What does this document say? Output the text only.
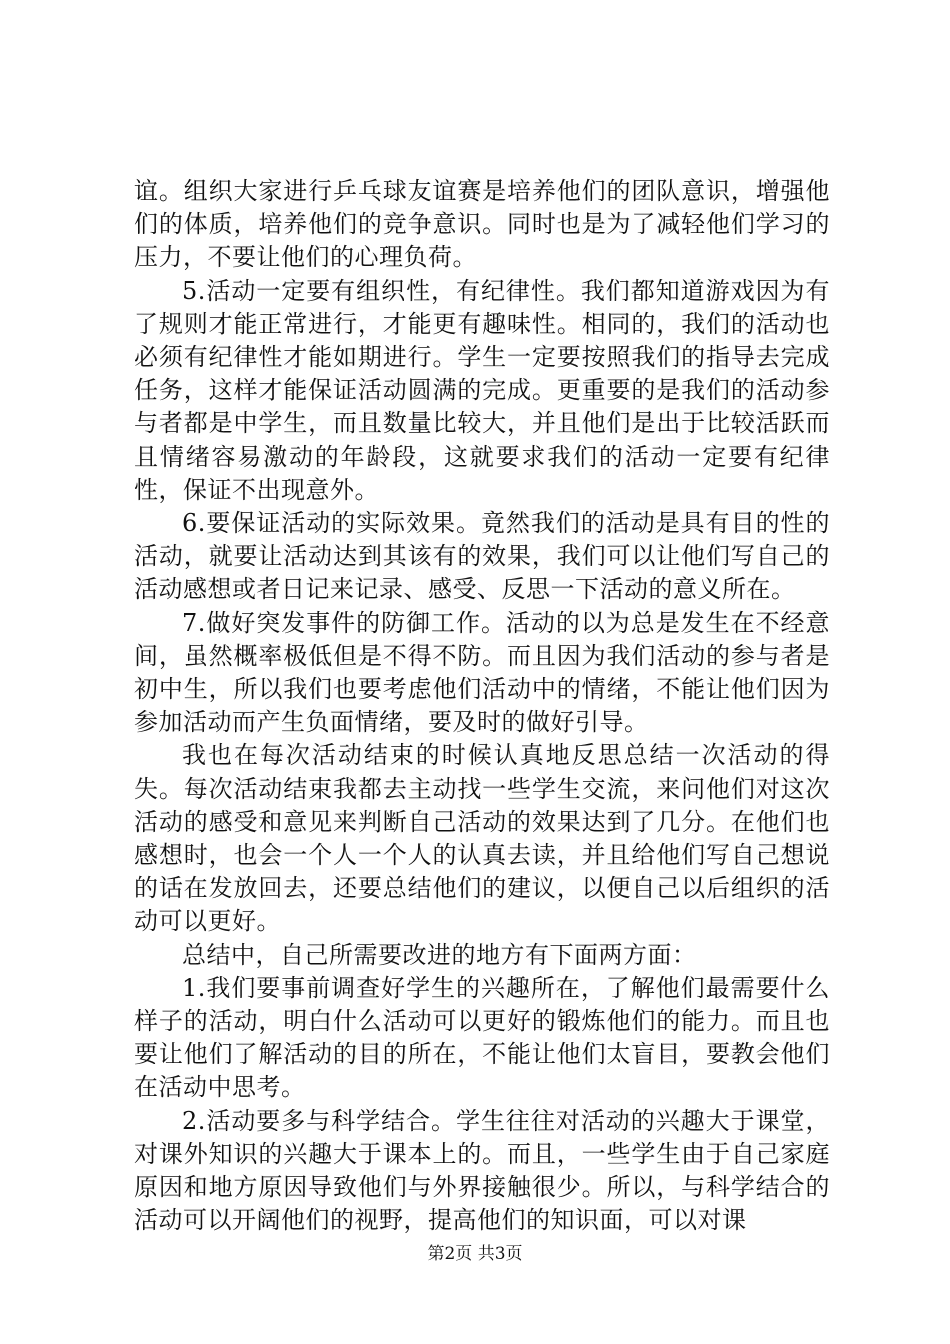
谊。组织大家进行乒乓球友谊赛是培养他们的团队意识，增强他们的体质，培养他们的竞争意识。同时也是为了减轻他们学习的压力，不要让他们的心理负荷。

5.活动一定要有组织性，有纪律性。我们都知道游戏因为有了规则才能正常进行，才能更有趣味性。相同的，我们的活动也必须有纪律性才能如期进行。学生一定要按照我们的指导去完成任务，这样才能保证活动圆满的完成。更重要的是我们的活动参与者都是中学生，而且数量比较大，并且他们是出于比较活跃而且情绪容易激动的年龄段，这就要求我们的活动一定要有纪律性，保证不出现意外。

6.要保证活动的实际效果。竟然我们的活动是具有目的性的活动，就要让活动达到其该有的效果，我们可以让他们写自己的活动感想或者日记来记录、感受、反思一下活动的意义所在。

7.做好突发事件的防御工作。活动的以为总是发生在不经意间，虽然概率极低但是不得不防。而且因为我们活动的参与者是初中生，所以我们也要考虑他们活动中的情绪，不能让他们因为参加活动而产生负面情绪，要及时的做好引导。

我也在每次活动结束的时候认真地反思总结一次活动的得失。每次活动结束我都去主动找一些学生交流，来问他们对这次活动的感受和意见来判断自己活动的效果达到了几分。在他们也感想时，也会一个人一个人的认真去读，并且给他们写自己想说的话在发放回去，还要总结他们的建议，以便自己以后组织的活动可以更好。

总结中，自己所需要改进的地方有下面两方面：

1.我们要事前调查好学生的兴趣所在，了解他们最需要什么样子的活动，明白什么活动可以更好的锻炼他们的能力。而且也要让他们了解活动的目的所在，不能让他们太盲目，要教会他们在活动中思考。

2.活动要多与科学结合。学生往往对活动的兴趣大于课堂，对课外知识的兴趣大于课本上的。而且，一些学生由于自己家庭原因和地方原因导致他们与外界接触很少。所以，与科学结合的活动可以开阔他们的视野，提高他们的知识面，可以对课

第2页 共3页
